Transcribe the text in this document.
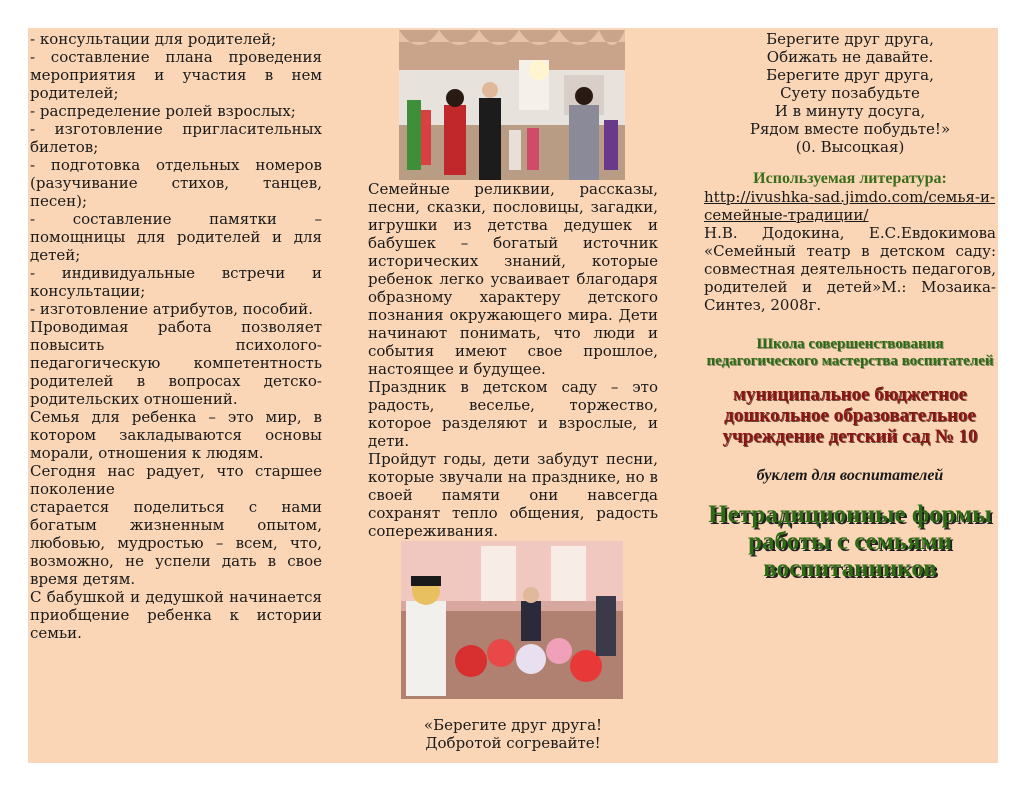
- консультации для родителей;

- составление плана проведения мероприятия и участия в нем родителей;

- распределение ролей взрослых;

- изготовление пригласительных билетов;

- подготовка отдельных номеров (разучивание стихов, танцев, песен);

- составление памятки – помощницы для родителей и для детей;

- индивидуальные встречи и консультации;

- изготовление атрибутов, пособий.

Проводимая работа позволяет повысить психолого-педагогическую компетентность родителей в вопросах детско-родительских отношений.

Семья для ребенка – это мир, в котором закладываются основы морали, отношения к людям.

Сегодня нас радует, что старшее поколение

старается поделиться с нами богатым жизненным опытом, любовью, мудростью – всем, что, возможно, не успели дать в свое время детям.

С бабушкой и дедушкой начинается приобщение ребенка к истории семьи.

Семейные реликвии, рассказы, песни, сказки, пословицы, загадки, игрушки из детства дедушек и бабушек – богатый источник исторических знаний, которые ребенок легко усваивает благодаря образному характеру детского познания окружающего мира. Дети начинают понимать, что люди и события имеют свое прошлое, настоящее и будущее.

Праздник в детском саду – это радость, веселье, торжество, которое разделяют и взрослые, и дети.

Пройдут годы, дети забудут песни, которые звучали на празднике, но в своей памяти они навсегда сохранят тепло общения, радость сопереживания.

«Берегите друг друга!
Добротой согревайте!

Берегите друг друга,

Обижать не давайте.

Берегите друг друга,

Суету позабудьте

И в минуту досуга,

Рядом вместе побудьте!»

(0. Высоцкая)

Используемая литература:

http://ivushka-sad.jimdo.com/семья-и-семейные-традиции/

Н.В. Додокина, Е.С.Евдокимова «Семейный театр в детском саду: совместная деятельность педагогов, родителей и детей»М.: Мозаика-Синтез, 2008г.

Школа совершенствования педагогического мастерства воспитателей

муниципальное бюджетное дошкольное образовательное учреждение детский сад № 10

буклет для воспитателей

Нетрадиционные формы работы с семьями воспитанников
